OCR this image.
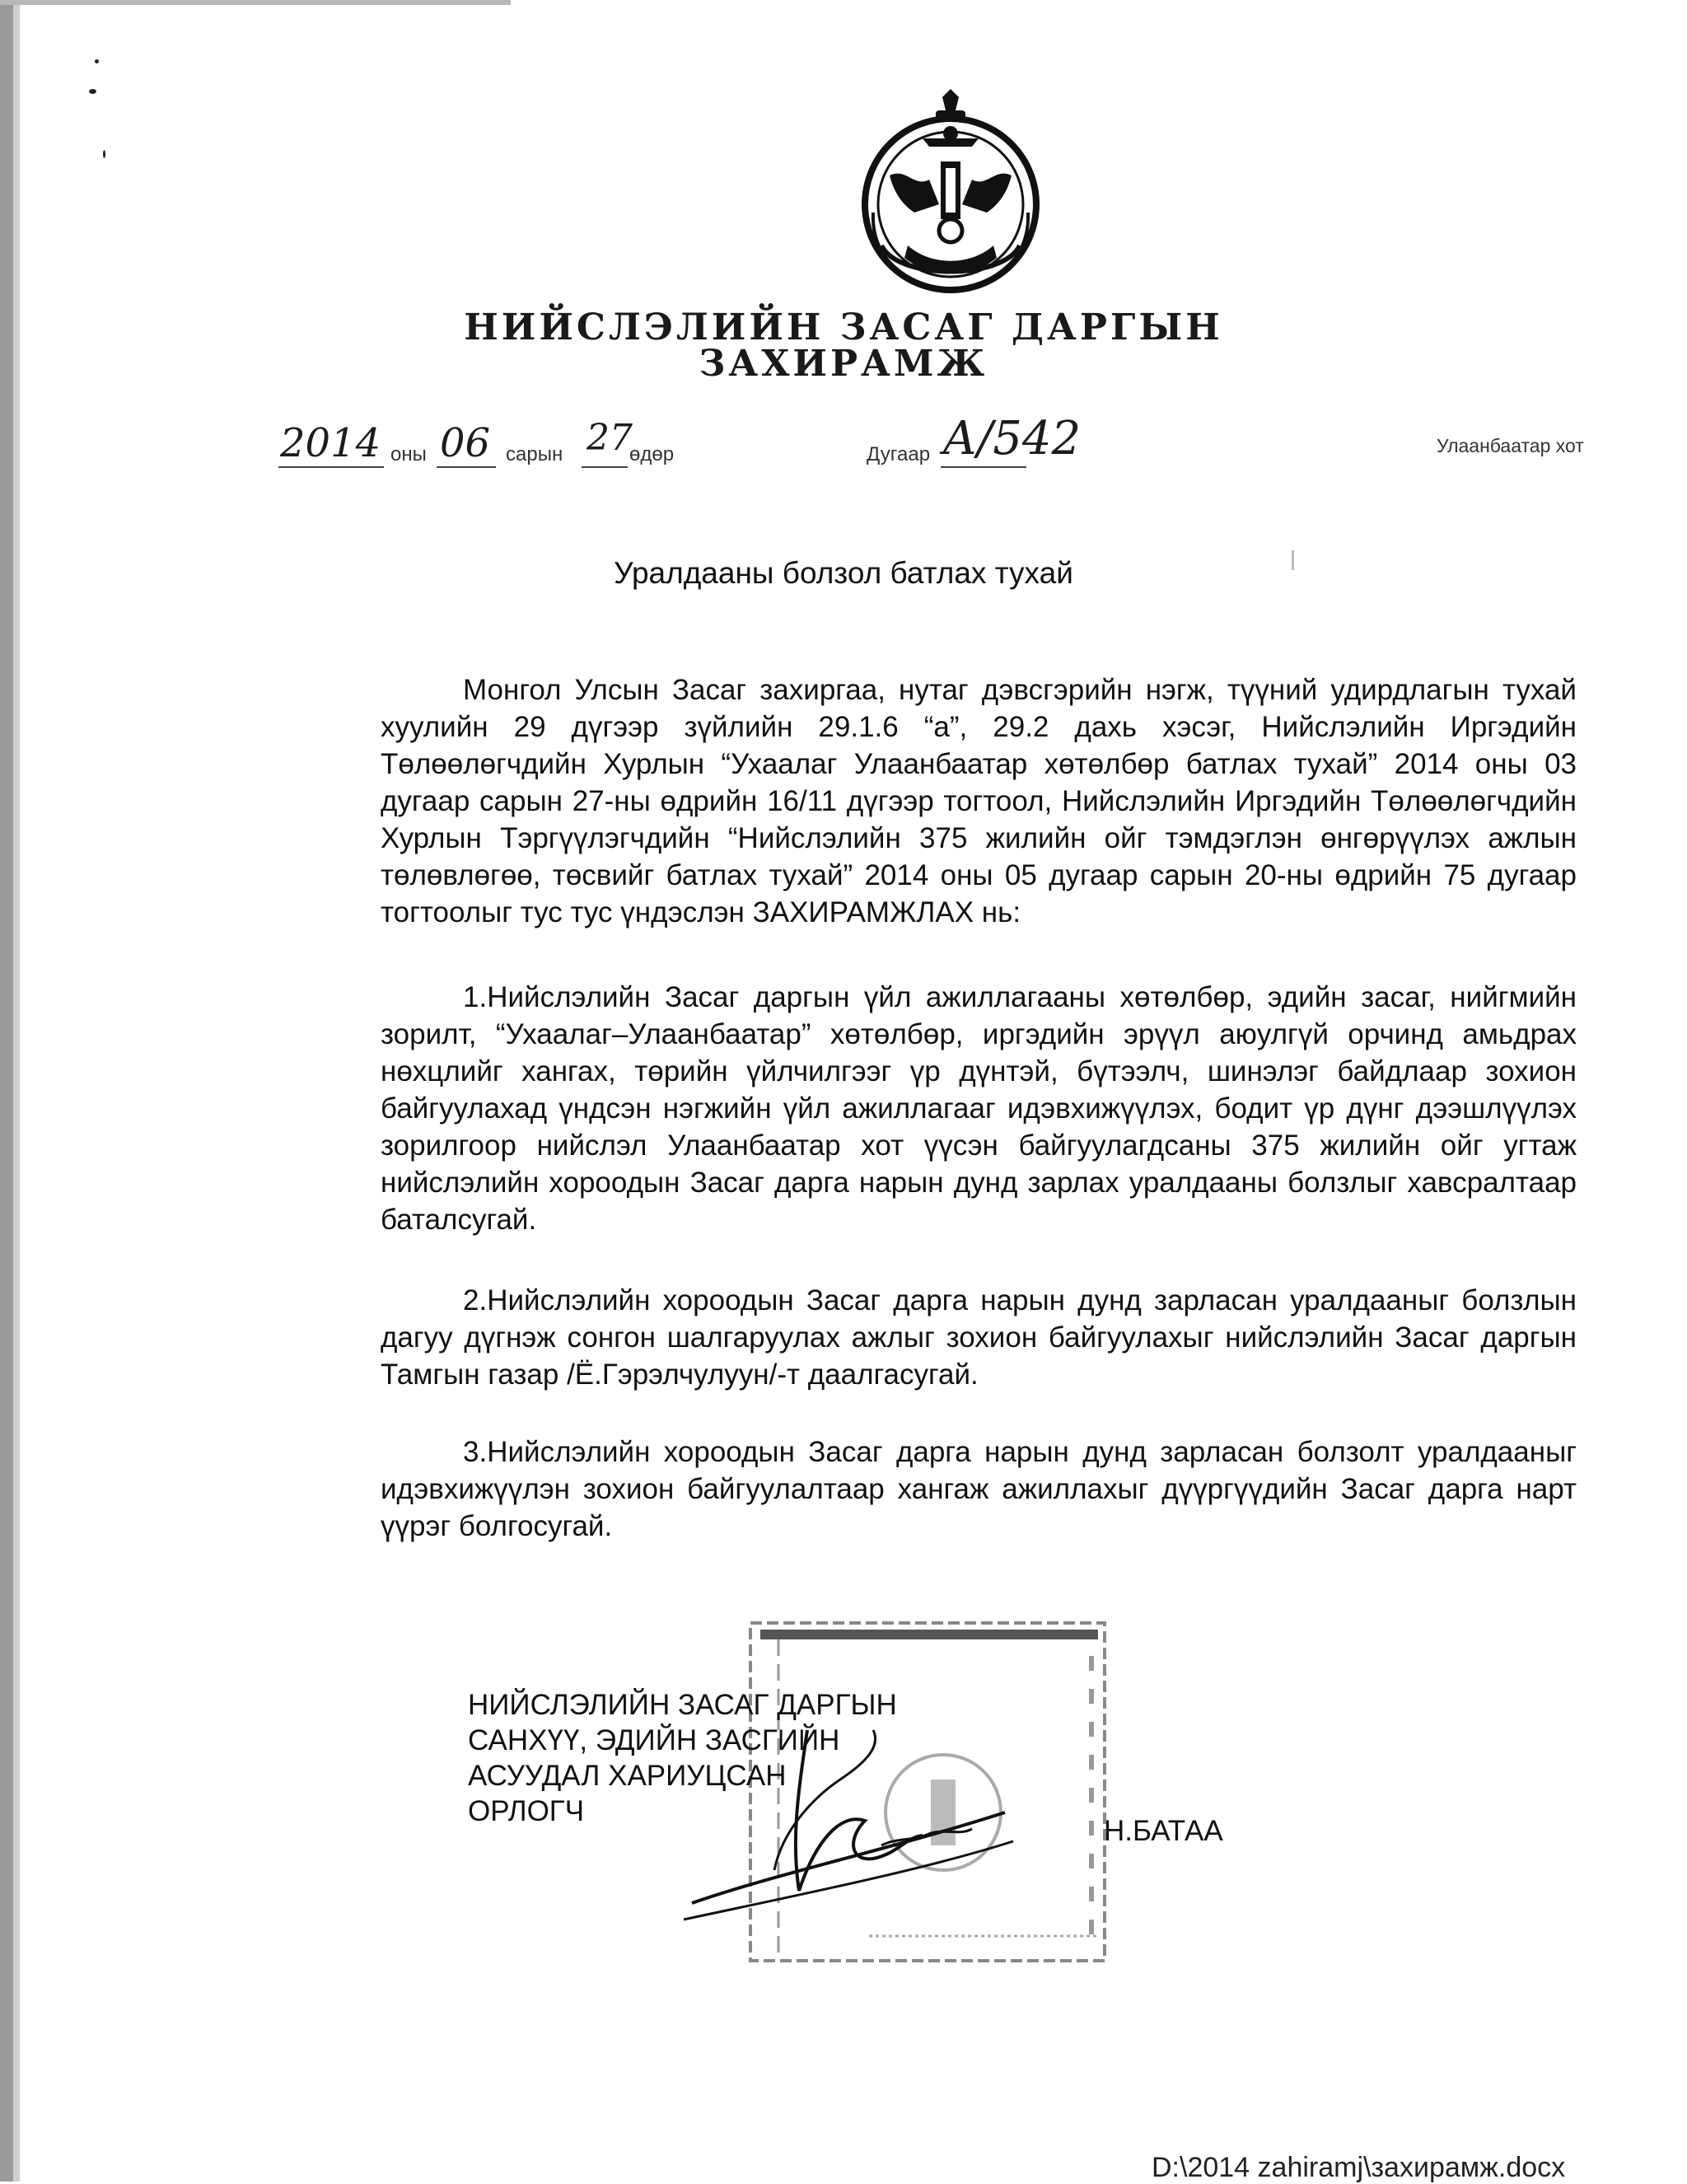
НИЙСЛЭЛИЙН ЗАСАГ ДАРГЫН
ЗАХИРАМЖ
2014 оны 06 сарын 27
өдөр	Дугаар А/542	Улаанбаатар хот
Уралдааны болзол батлах тухай

Монгол Улсын Засаг захиргаа, нутаг дэвсгэрийн нэгж, түүний удирдлагын тухай хуулийн 29 дүгээр зүйлийн 29.1.6 “а”, 29.2 дахь хэсэг, Нийслэлийн Иргэдийн Төлөөлөгчдийн Хурлын “Ухаалаг Улаанбаатар хөтөлбөр батлах тухай” 2014 оны 03 дугаар сарын 27-ны өдрийн 16/11 дүгээр тогтоол, Нийслэлийн Иргэдийн Төлөөлөгчдийн Хурлын Тэргүүлэгчдийн “Нийслэлийн 375 жилийн ойг тэмдэглэн өнгөрүүлэх ажлын төлөвлөгөө, төсвийг батлах тухай” 2014 оны 05 дугаар сарын 20-ны өдрийн 75 дугаар тогтоолыг тус тус үндэслэн ЗАХИРАМЖЛАХ нь:

1.Нийслэлийн Засаг даргын үйл ажиллагааны хөтөлбөр, эдийн засаг, нийгмийн зорилт, “Ухаалаг–Улаанбаатар” хөтөлбөр, иргэдийн эрүүл аюулгүй орчинд амьдрах нөхцлийг хангах, төрийн үйлчилгээг үр дүнтэй, бүтээлч, шинэлэг байдлаар зохион байгуулахад үндсэн нэгжийн үйл ажиллагааг идэвхижүүлэх, бодит үр дүнг дээшлүүлэх зорилгоор нийслэл Улаанбаатар хот үүсэн байгуулагдсаны 375 жилийн ойг угтаж нийслэлийн хороодын Засаг дарга нарын дунд зарлах уралдааны болзлыг хавсралтаар баталсугай.

2.Нийслэлийн хороодын Засаг дарга нарын дунд зарласан уралдааныг болзлын дагуу дүгнэж сонгон шалгаруулах ажлыг зохион байгуулахыг нийслэлийн Засаг даргын Тамгын газар /Ё.Гэрэлчулуун/-т даалгасугай.

3.Нийслэлийн хороодын Засаг дарга нарын дунд зарласан болзолт уралдааныг идэвхижүүлэн зохион байгуулалтаар хангаж ажиллахыг дүүргүүдийн Засаг дарга нарт үүрэг болгосугай.

НИЙСЛЭЛИЙН ЗАСАГ ДАРГЫН
САНХҮҮ, ЭДИЙН ЗАСГИЙН
АСУУДАЛ ХАРИУЦСАН
ОРЛОГЧ
Н.БАТАА
D:\2014 zahiramj\захирамж.docx
